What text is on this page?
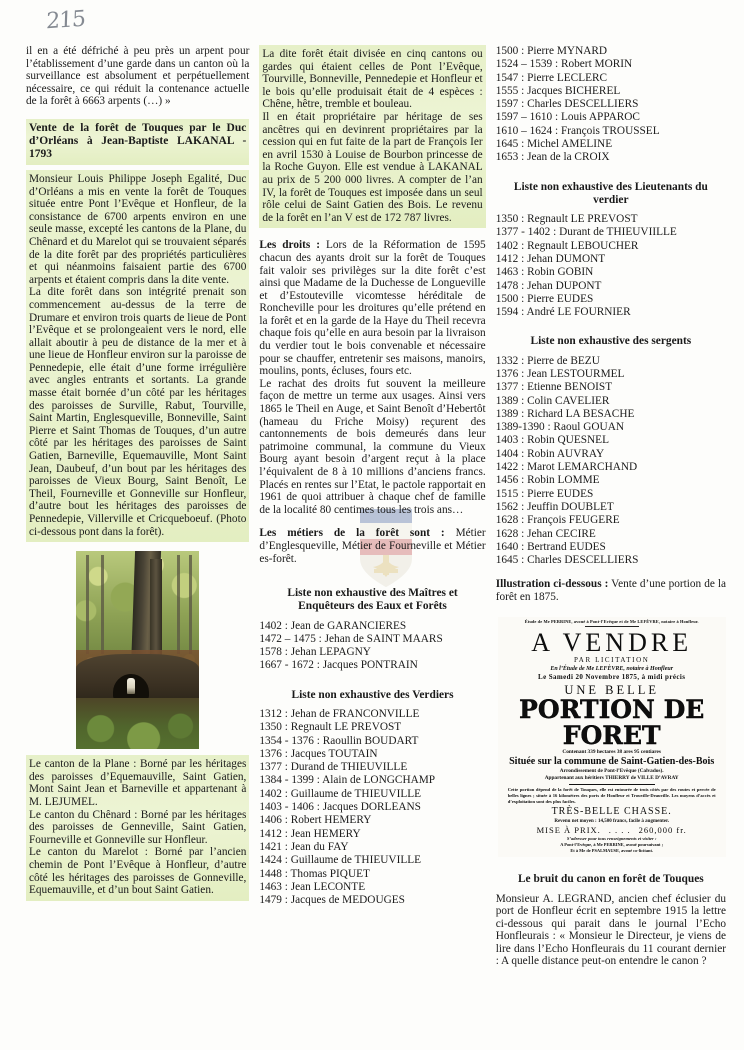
215

il en a été défriché à peu près un arpent pour l’établissement d’une garde dans un canton où la surveillance est absolument et perpétuellement nécessaire, ce qui réduit la contenance actuelle de la forêt à 6663 arpents (…) »

Vente de la forêt de Touques par le Duc d’Orléans à Jean-Baptiste LAKANAL - 1793

Monsieur Louis Philippe Joseph Egalité, Duc d’Orléans a mis en vente la forêt de Touques située entre Pont l’Evêque et Honfleur, de la consistance de 6700 arpents environ en une seule masse, excepté les cantons de la Plane, du Chênard et du Marelot qui se trouvaient séparés de la dite forêt par des propriétés particulières et qui néanmoins faisaient partie des 6700 arpents et étaient compris dans la dite vente.

La dite forêt dans son intégrité prenait son commencement au-dessus de la terre de Drumare et environ trois quarts de lieue de Pont l’Evêque et se prolongeaient vers le nord, elle allait aboutir à peu de distance de la mer et à une lieue de Honfleur environ sur la paroisse de Pennedepie, elle était d’une forme irrégulière avec angles entrants et sortants. La grande masse était bornée d’un côté par les héritages des paroisses de Surville, Rabut, Tourville, Saint Martin, Englesqueville, Bonneville, Saint Pierre et Saint Thomas de Touques, d’un autre côté par les héritages des paroisses de Saint Gatien, Barneville, Equemauville, Mont Saint Jean, Daubeuf, d’un bout par les héritages des paroisses de Vieux Bourg, Saint Benoît, Le Theil, Fourneville et Gonneville sur Honfleur, d’autre bout les héritages des paroisses de Pennedepie, Villerville et Cricqueboeuf. (Photo ci-dessous pont dans la forêt).

Le canton de la Plane : Borné par les héritages des paroisses d’Equemauville, Saint Gatien, Mont Saint Jean et Barneville et appartenant à M. LEJUMEL.

Le canton du Chênard : Borné par les héritages des paroisses de Genneville, Saint Gatien, Fourneville et Gonneville sur Honfleur.

Le canton du Marelot : Borné par l’ancien chemin de Pont l’Evêque à Honfleur, d’autre côté les héritages des paroisses de Gonneville, Equemauville, et d’un bout Saint Gatien.

La dite forêt était divisée en cinq cantons ou gardes qui étaient celles de Pont l’Evêque, Tourville, Bonneville, Pennedepie et Honfleur et le bois qu’elle produisait était de 4 espèces : Chêne, hêtre, tremble et bouleau.

Il en était propriétaire par héritage de ses ancêtres qui en devinrent propriétaires par la cession qui en fut faite de la part de François Ier en avril 1530 à Louise de Bourbon princesse de la Roche Guyon. Elle est vendue à LAKANAL au prix de 5 200 000 livres. A compter de l’an IV, la forêt de Touques est imposée dans un seul rôle celui de Saint Gatien des Bois. Le revenu de la forêt en l’an V est de 172 787 livres.

Les droits : Lors de la Réformation de 1595 chacun des ayants droit sur la forêt de Touques fait valoir ses privilèges sur la dite forêt c’est ainsi que Madame de la Duchesse de Longueville et d’Estouteville vicomtesse héréditale de Roncheville pour les droitures qu’elle prétend en la forêt et en la garde de la Haye du Theil recevra chaque fois qu’elle en aura besoin par la livraison du verdier tout le bois convenable et nécessaire pour se chauffer, entretenir ses maisons, manoirs, moulins, ponts, écluses, fours etc.

Le rachat des droits fut souvent la meilleure façon de mettre un terme aux usages. Ainsi vers 1865 le Theil en Auge, et Saint Benoît d’Hebertôt (hameau du Friche Moisy) reçurent des cantonnements de bois demeurés dans leur patrimoine communal, la commune du Vieux Bourg ayant besoin d’argent reçut à la place l’équivalent de 8 à 10 millions d’anciens francs. Placés en rentes sur l’Etat, le pactole rapportait en 1961 de quoi attribuer à chaque chef de famille de la localité 80 centimes tous les trois ans…

Les métiers de la forêt sont : Métier d’Englesqueville, Métier de Fourneville et Métier es-forêt.

Liste non exhaustive des Maîtres et Enquêteurs des Eaux et Forêts

1402 : Jean de GARANCIERES
1472 – 1475 : Jehan de SAINT MAARS
1578 : Jehan LEPAGNY
1667 - 1672 : Jacques PONTRAIN

Liste non exhaustive des Verdiers

1312 : Jehan de FRANCONVILLE
1350 : Regnault LE PREVOST
1354 - 1376 : Raoullin BOUDART
1376 : Jacques TOUTAIN
1377 : Durand de THIEUVILLE
1384 - 1399 : Alain de LONGCHAMP
1402 : Guillaume de THIEUVILLE
1403 - 1406 : Jacques DORLEANS
1406 : Robert HEMERY
1412 : Jean HEMERY
1421 : Jean du FAY
1424 : Guillaume de THIEUVILLE
1448 : Thomas PIQUET
1463 : Jean LECONTE
1479 : Jacques de MEDOUGES
1500 : Pierre MYNARD
1524 – 1539 : Robert MORIN
1547 : Pierre LECLERC
1555 : Jacques BICHEREL
1597 : Charles DESCELLIERS
1597 – 1610 : Louis APPAROC
1610 – 1624 : François TROUSSEL
1645 : Michel AMELINE
1653 : Jean de la CROIX

Liste non exhaustive des Lieutenants du verdier

1350 : Regnault LE PREVOST
1377 - 1402 : Durant de THIEUVIILLE
1402 : Regnault LEBOUCHER
1412 : Jehan DUMONT
1463 : Robin GOBIN
1478 : Jehan DUPONT
1500 : Pierre EUDES
1594 : André LE FOURNIER

Liste non exhaustive des sergents

1332 : Pierre de BEZU
1376 : Jean LESTOURMEL
1377 : Etienne BENOIST
1389 : Colin CAVELIER
1389 : Richard LA BESACHE
1389-1390 : Raoul GOUAN
1403 : Robin QUESNEL
1404 : Robin AUVRAY
1422 : Marot LEMARCHAND
1456 : Robin LOMME
1515 : Pierre EUDES
1562 : Jeuffin DOUBLET
1628 : François FEUGERE
1628 : Jehan CECIRE
1640 : Bertrand EUDES
1645 : Charles DESCELLIERS

Illustration ci-dessous : Vente d’une portion de la forêt en 1875.

Étude de Me PERRINE, avoué à Pont-l’Evêque et de Me LEFÈVRE, notaire à Honfleur.
A VENDRE
PAR LICITATION
En l’Étude de Me LEFÈVRE, notaire à Honfleur
Le Samedi 20 Novembre 1875, à midi précis
UNE BELLE
PORTION DE FORET
Contenant 339 hectares 38 ares 95 centiares
Située sur la commune de Saint-Gatien-des-Bois
Arrondissement de Pont-l’Evêque (Calvados).
Appartenant aux héritiers THIERRY de VILLE D’AVRAY
Cette portion dépend de la forêt de Touques, elle est entourée de trois côtés par des routes et percée de belles lignes ; située à 16 kilomètres des ports de Honfleur et Trouville-Deauville. Les moyens d’accès et d’exploitation sont des plus faciles.
TRÈS-BELLE CHASSE.
Revenu net moyen : 14,500 francs, facile à augmenter.
MISE À PRIX. . . . . 260,000 fr.
S’adresser pour tous renseignements et visiter :
A Pont-l’Evêque, à Me PERRINE, avoué poursuivant ;
Et à Me de PSALMAUSE, avoué co-licitant.

Le bruit du canon en forêt de Touques

Monsieur A. LEGRAND, ancien chef éclusier du port de Honfleur écrit en septembre 1915 la lettre ci-dessous qui parait dans le journal l’Echo Honfleurais : « Monsieur le Directeur, je viens de lire dans l’Echo Honfleurais du 11 courant dernier : A quelle distance peut-on entendre le canon ?
